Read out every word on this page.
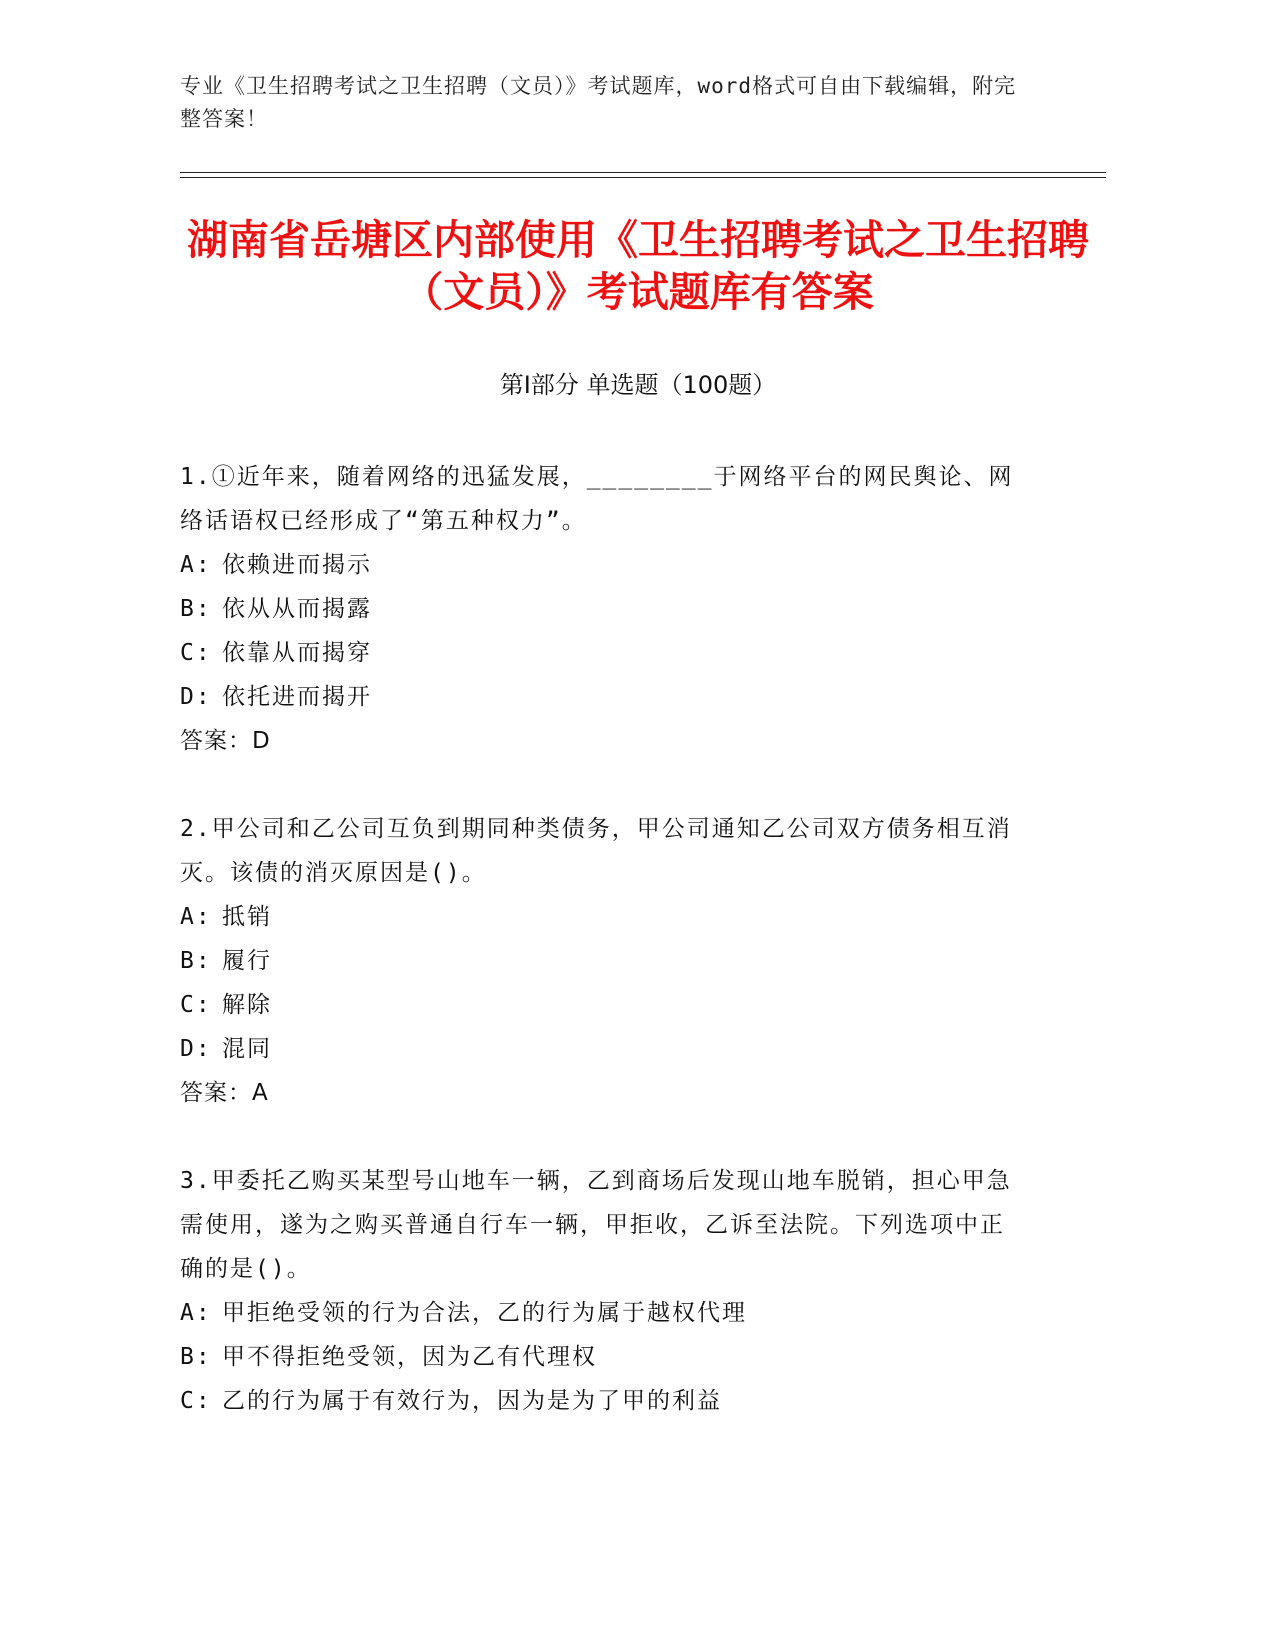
专业《卫生招聘考试之卫生招聘（文员）》考试题库，word格式可自由下载编辑，附完整答案！
湖南省岳塘区内部使用《卫生招聘考试之卫生招聘（文员）》考试题库有答案
第Ⅰ部分 单选题（100题）
1.①近年来，随着网络的迅猛发展，________于网络平台的网民舆论、网络话语权已经形成了“第五种权力”。
A: 依赖进而揭示
B: 依从从而揭露
C: 依靠从而揭穿
D: 依托进而揭开
答案：D
2.甲公司和乙公司互负到期同种类债务，甲公司通知乙公司双方债务相互消灭。该债的消灭原因是()。
A: 抵销
B: 履行
C: 解除
D: 混同
答案：A
3.甲委托乙购买某型号山地车一辆，乙到商场后发现山地车脱销，担心甲急需使用，遂为之购买普通自行车一辆，甲拒收，乙诉至法院。下列选项中正确的是()。
A: 甲拒绝受领的行为合法，乙的行为属于越权代理
B: 甲不得拒绝受领，因为乙有代理权
C: 乙的行为属于有效行为，因为是为了甲的利益
